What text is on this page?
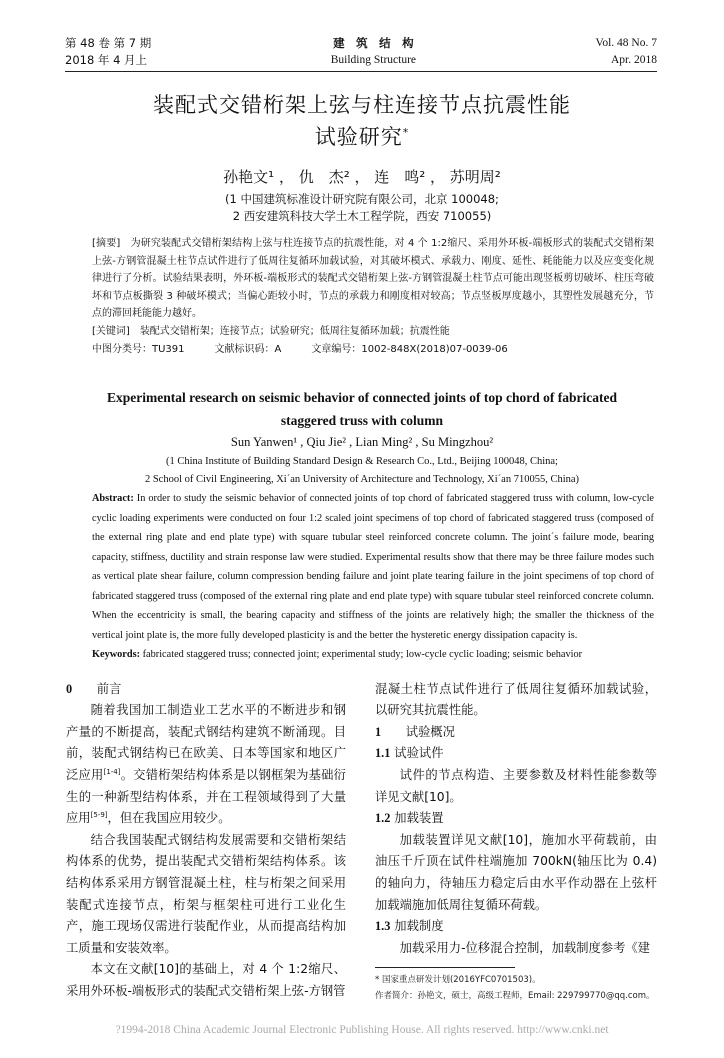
第 48 卷 第 7 期
2018 年 4 月上
建　筑　结　构
Building Structure
Vol. 48 No. 7
Apr. 2018
装配式交错桁架上弦与柱连接节点抗震性能
试验研究*
孙艳文¹ ， 仇　杰² ， 连　鸣² ， 苏明周²
(1 中国建筑标准设计研究院有限公司，北京 100048;
2 西安建筑科技大学土木工程学院，西安 710055)
[摘要]　 为研究装配式交错桁架结构上弦与柱连接节点的抗震性能，对 4 个 1:2缩尺、采用外环板-端板形式的装配式交错桁架上弦-方钢管混凝土柱节点试件进行了低周往复循环加载试验，对其破坏模式、承载力、刚度、延性、耗能能力以及应变变化规律进行了分析。试验结果表明，外环板-端板形式的装配式交错桁架上弦-方钢管混凝土柱节点可能出现竖板剪切破坏、柱压弯破坏和节点板撕裂 3 种破坏模式；当偏心距较小时，节点的承载力和刚度相对较高；节点竖板厚度越小，其塑性发展越充分，节点的滞回耗能能力越好。
[关键词]　 装配式交错桁架；连接节点；试验研究；低周往复循环加载；抗震性能
中图分类号：TU391	文献标识码：A	文章编号：1002-848X(2018)07-0039-06
Experimental research on seismic behavior of connected joints of top chord of fabricated
staggered truss with column
Sun Yanwen¹ , Qiu Jie² , Lian Ming² , Su Mingzhou²
(1 China Institute of Building Standard Design & Research Co., Ltd., Beijing 100048, China;
2 School of Civil Engineering, Xi´an University of Architecture and Technology, Xi´an 710055, China)
Abstract: In order to study the seismic behavior of connected joints of top chord of fabricated staggered truss with column, low-cycle cyclic loading experiments were conducted on four 1:2 scaled joint specimens of top chord of fabricated staggered truss (composed of the external ring plate and end plate type) with square tubular steel reinforced concrete column. The joint´s failure mode, bearing capacity, stiffness, ductility and strain response law were studied. Experimental results show that there may be three failure modes such as vertical plate shear failure, column compression bending failure and joint plate tearing failure in the joint specimens of top chord of fabricated staggered truss (composed of the external ring plate and end plate type) with square tubular steel reinforced concrete column. When the eccentricity is small, the bearing capacity and stiffness of the joints are relatively high; the smaller the thickness of the vertical joint plate is, the more fully developed plasticity is and the better the hysteretic energy dissipation capacity is.
Keywords: fabricated staggered truss; connected joint; experimental study; low-cycle cyclic loading; seismic behavior
0　　 前言
随着我国加工制造业工艺水平的不断进步和钢产量的不断提高，装配式钢结构建筑不断涌现。目前，装配式钢结构已在欧美、日本等国家和地区广泛应用[1-4]。交错桁架结构体系是以钢框架为基础衍生的一种新型结构体系，并在工程领域得到了大量应用[5-9]，但在我国应用较少。
结合我国装配式钢结构发展需要和交错桁架结构体系的优势，提出装配式交错桁架结构体系。该结构体系采用方钢管混凝土柱，柱与桁架之间采用装配式连接节点，桁架与框架柱可进行工业化生产，施工现场仅需进行装配作业，从而提高结构加工质量和安装效率。
本文在文献[10]的基础上，对 4 个 1:2缩尺、采用外环板-端板形式的装配式交错桁架上弦-方钢管
混凝土柱节点试件进行了低周往复循环加载试验，以研究其抗震性能。
1　　 试验概况
1.1 试验试件
试件的节点构造、主要参数及材料性能参数等详见文献[10]。
1.2 加载装置
加载装置详见文献[10]，施加水平荷载前，由油压千斤顶在试件柱端施加 700kN(轴压比为 0.4)的轴向力，待轴压力稳定后由水平作动器在上弦杆加载端施加低周往复循环荷载。
1.3 加载制度
加载采用力-位移混合控制，加载制度参考《建
* 国家重点研发计划(2016YFC0701503)。
作者简介：孙艳文，硕士，高级工程师，Email: 229799770@qq.com。
?1994-2018 China Academic Journal Electronic Publishing House. All rights reserved. http://www.cnki.net
